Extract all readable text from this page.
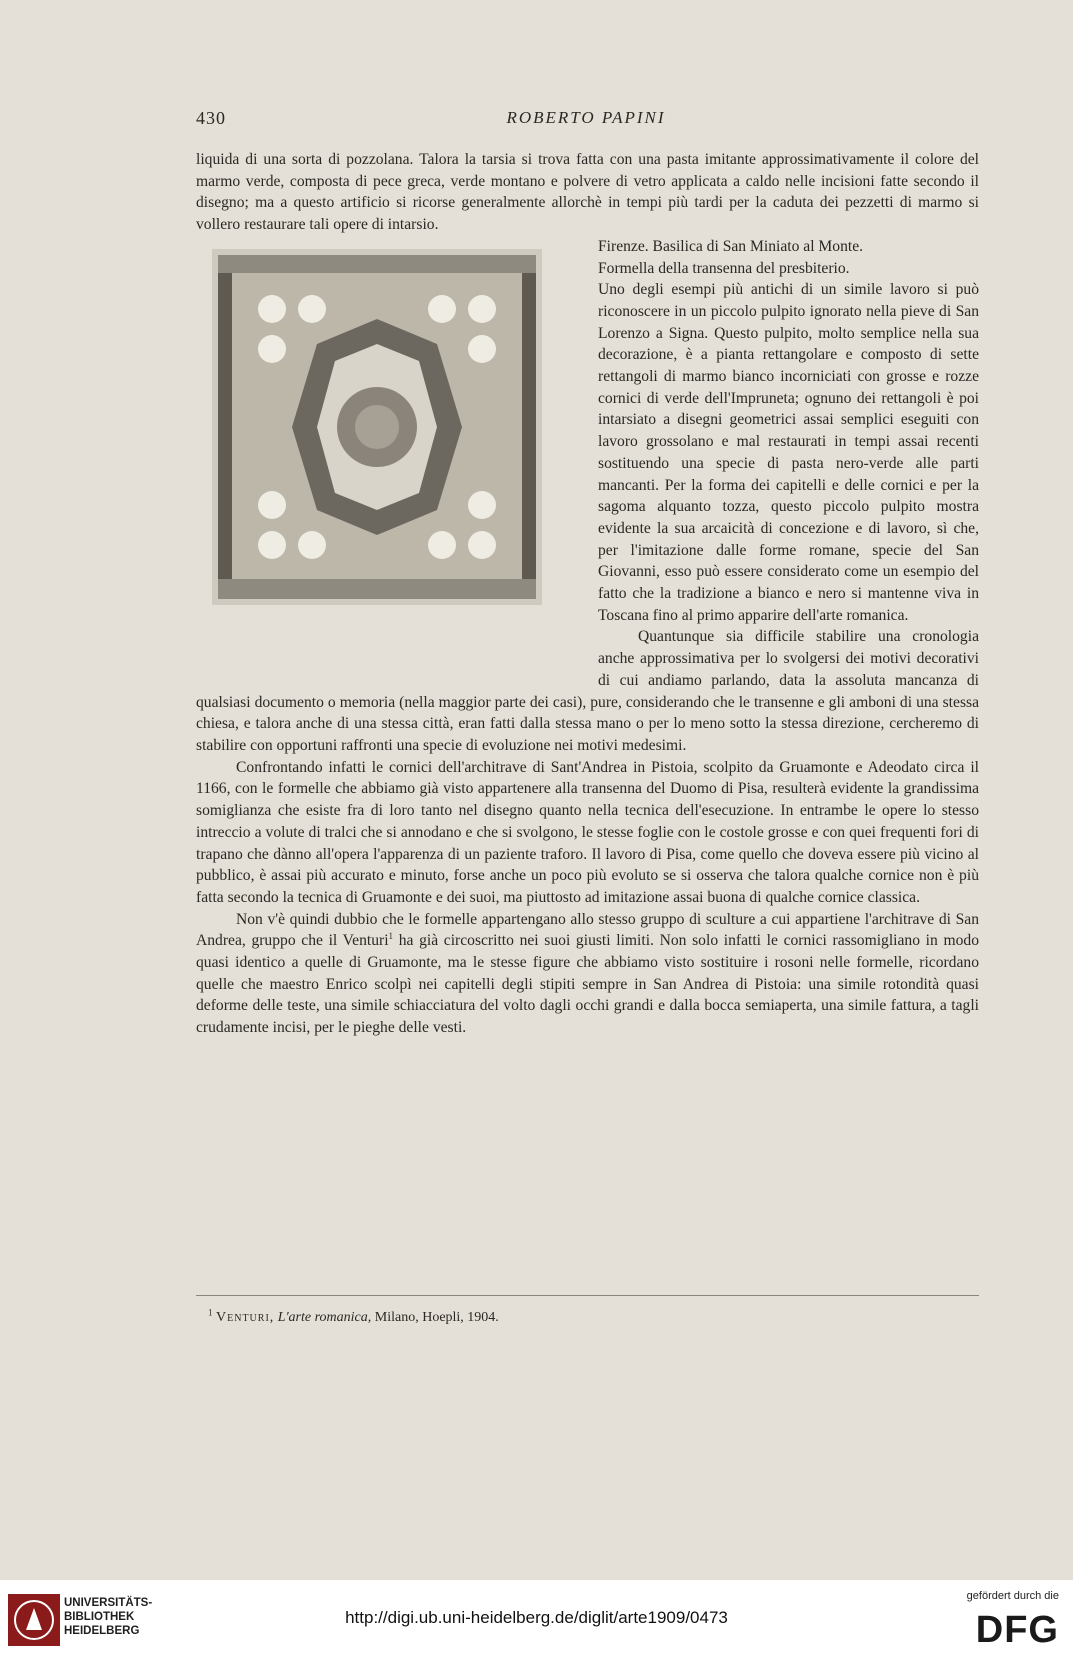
430	ROBERTO PAPINI

liquida di una sorta di pozzolana. Talora la tarsia si trova fatta con una pasta imitante approssimativamente il colore del marmo verde, composta di pece greca, verde montano e polvere di vetro applicata a caldo nelle incisioni fatte secondo il disegno; ma a questo artificio si ricorse generalmente allorchè in tempi più tardi per la caduta dei pezzetti di marmo si vollero restaurare tali opere di intarsio.

Firenze. Basilica di San Miniato al Monte.
Formella della transenna del presbiterio.
Uno degli esempi più antichi di un simile lavoro si può riconoscere in un piccolo pulpito ignorato nella pieve di San Lorenzo a Signa. Questo pulpito, molto semplice nella sua decorazione, è a pianta rettangolare e composto di sette rettangoli di marmo bianco incorniciati con grosse e rozze cornici di verde dell'Impruneta; ognuno dei rettangoli è poi intarsiato a disegni geometrici assai semplici eseguiti con lavoro grossolano e mal restaurati in tempi assai recenti sostituendo una specie di pasta nero-verde alle parti mancanti. Per la forma dei capitelli e delle cornici e per la sagoma alquanto tozza, questo piccolo pulpito mostra evidente la sua arcaicità di concezione e di lavoro, sì che, per l'imitazione dalle forme romane, specie del San Giovanni, esso può essere considerato come un esempio del fatto che la tradizione a bianco e nero si mantenne viva in Toscana fino al primo apparire dell'arte romanica.

Quantunque sia difficile stabilire una cronologia anche approssimativa per lo svolgersi dei motivi decorativi di cui andiamo parlando, data la assoluta mancanza di qualsiasi documento o memoria (nella maggior parte dei casi), pure, considerando che le transenne e gli amboni di una stessa chiesa, e talora anche di una stessa città, eran fatti dalla stessa mano o per lo meno sotto la stessa direzione, cercheremo di stabilire con opportuni raffronti una specie di evoluzione nei motivi medesimi.

Confrontando infatti le cornici dell'architrave di Sant'Andrea in Pistoia, scolpito da Gruamonte e Adeodato circa il 1166, con le formelle che abbiamo già visto appartenere alla transenna del Duomo di Pisa, resulterà evidente la grandissima somiglianza che esiste fra di loro tanto nel disegno quanto nella tecnica dell'esecuzione. In entrambe le opere lo stesso intreccio a volute di tralci che si annodano e che si svolgono, le stesse foglie con le costole grosse e con quei frequenti fori di trapano che dànno all'opera l'apparenza di un paziente traforo. Il lavoro di Pisa, come quello che doveva essere più vicino al pubblico, è assai più accurato e minuto, forse anche un poco più evoluto se si osserva che talora qualche cornice non è più fatta secondo la tecnica di Gruamonte e dei suoi, ma piuttosto ad imitazione assai buona di qualche cornice classica.

Non v'è quindi dubbio che le formelle appartengano allo stesso gruppo di sculture a cui appartiene l'architrave di San Andrea, gruppo che il Venturi$^1$ ha già circoscritto nei suoi giusti limiti. Non solo infatti le cornici rassomigliano in modo quasi identico a quelle di Gruamonte, ma le stesse figure che abbiamo visto sostituire i rosoni nelle formelle, ricordano quelle che maestro Enrico scolpì nei capitelli degli stipiti sempre in San Andrea di Pistoia: una simile rotondità quasi deforme delle teste, una simile schiacciatura del volto dagli occhi grandi e dalla bocca semiaperta, una simile fattura, a tagli crudamente incisi, per le pieghe delle vesti.

$^1$ Venturi, L'arte romanica, Milano, Hoepli, 1904.
UNIVERSITÄTS-
BIBLIOTHEK
HEIDELBERG
http://digi.ub.uni-heidelberg.de/diglit/arte1909/0473
gefördert durch die
DFG
